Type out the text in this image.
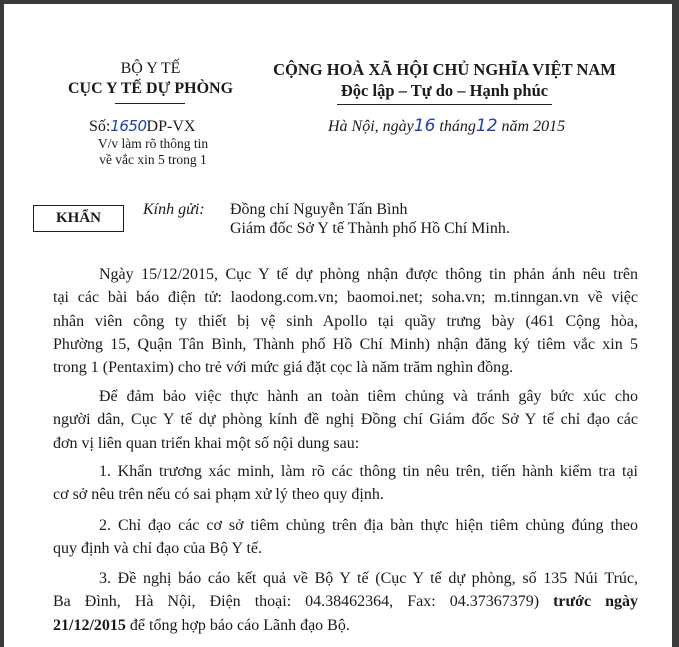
BỘ Y TẾ
CỤC Y TẾ DỰ PHÒNG
CỘNG HOÀ XÃ HỘI CHỦ NGHĨA VIỆT NAM
Độc lập – Tự do – Hạnh phúc
Số:1650DP-VX
V/v làm rõ thông tin
về vắc xin 5 trong 1
Hà Nội, ngày16 tháng12 năm 2015
KHẨN	Kính gửi: Đồng chí Nguyễn Tấn Bình
Giám đốc Sở Y tế Thành phố Hồ Chí Minh.
Ngày 15/12/2015, Cục Y tế dự phòng nhận được thông tin phản ánh nêu trên
tại các bài báo điện tử: laodong.com.vn; baomoi.net; soha.vn; m.tinngan.vn về việc
nhân viên công ty thiết bị vệ sinh Apollo tại quầy trưng bày (461 Cộng hòa,
Phường 15, Quận Tân Bình, Thành phố Hồ Chí Minh) nhận đăng ký tiêm vắc xin 5
trong 1 (Pentaxim) cho trẻ với mức giá đặt cọc là năm trăm nghìn đồng.
Để đảm bảo việc thực hành an toàn tiêm chủng và tránh gây bức xúc cho
người dân, Cục Y tế dự phòng kính đề nghị Đồng chí Giám đốc Sở Y tế chỉ đạo các
đơn vị liên quan triển khai một số nội dung sau:
1. Khẩn trương xác minh, làm rõ các thông tin nêu trên, tiến hành kiểm tra tại
cơ sở nêu trên nếu có sai phạm xử lý theo quy định.
2. Chỉ đạo các cơ sở tiêm chủng trên địa bàn thực hiện tiêm chủng đúng theo
quy định và chỉ đạo của Bộ Y tế.
3. Đề nghị báo cáo kết quả về Bộ Y tế (Cục Y tế dự phòng, số 135 Núi Trúc,
Ba Đình, Hà Nội, Điện thoại: 04.38462364, Fax: 04.37367379) trước ngày
21/12/2015 để tổng hợp báo cáo Lãnh đạo Bộ.
